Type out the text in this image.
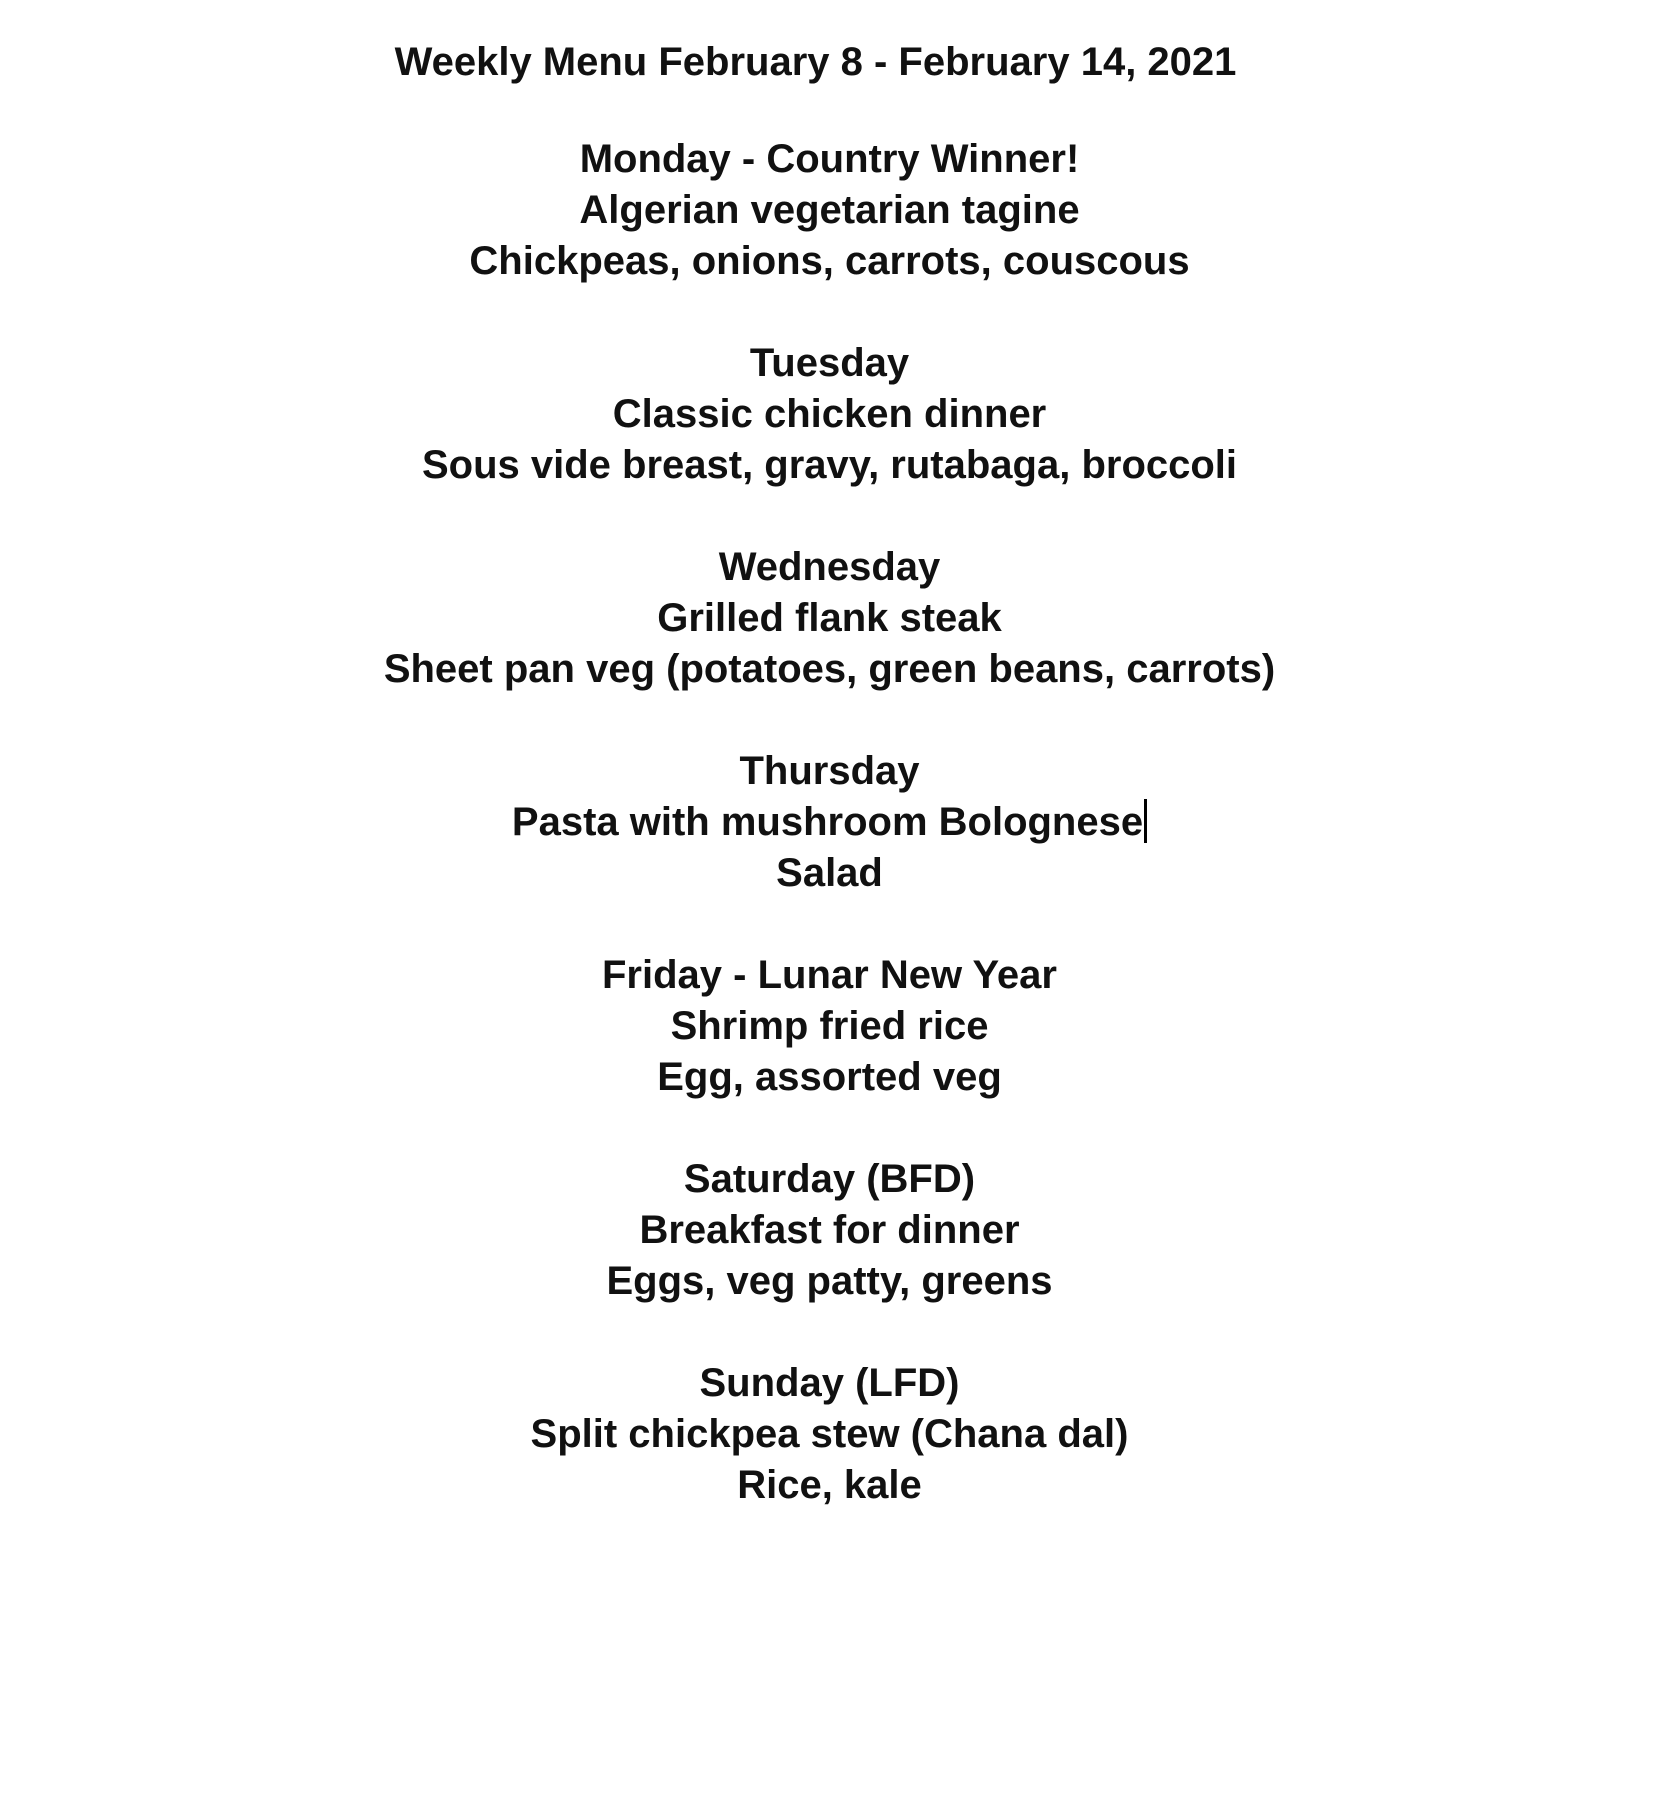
Weekly Menu February 8 - February 14, 2021
Monday - Country Winner!
Algerian vegetarian tagine
Chickpeas, onions, carrots, couscous
Tuesday
Classic chicken dinner
Sous vide breast, gravy, rutabaga, broccoli
Wednesday
Grilled flank steak
Sheet pan veg (potatoes, green beans, carrots)
Thursday
Pasta with mushroom Bolognese
Salad
Friday - Lunar New Year
Shrimp fried rice
Egg, assorted veg
Saturday (BFD)
Breakfast for dinner
Eggs, veg patty, greens
Sunday (LFD)
Split chickpea stew (Chana dal)
Rice, kale
